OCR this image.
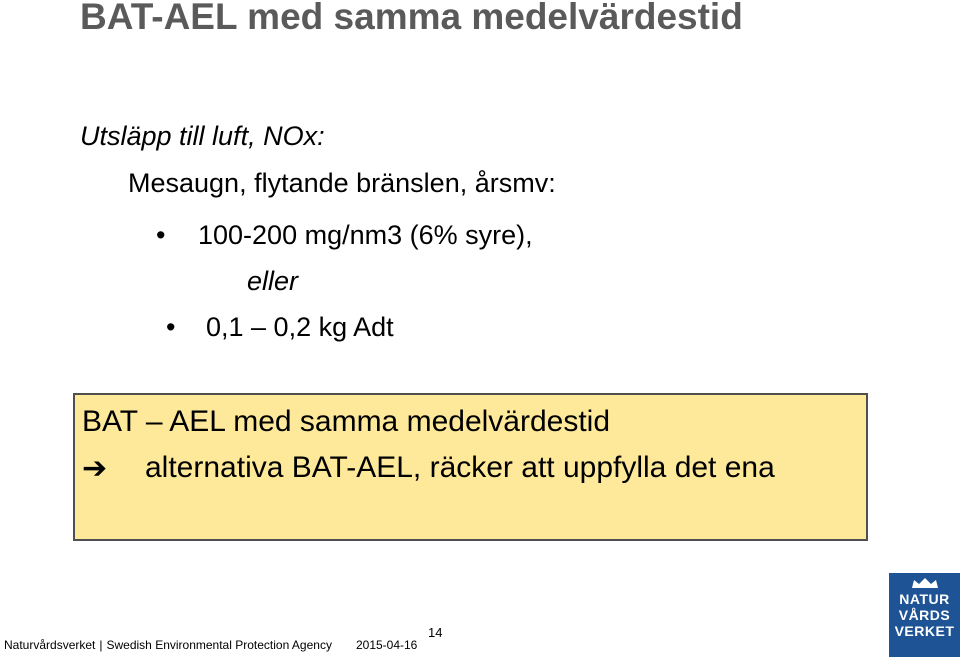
BAT-AEL med samma medelvärdestid
Utsläpp till luft, NOx:
Mesaugn, flytande bränslen, årsmv:
• 100-200 mg/nm3 (6% syre),
eller
• 0,1 – 0,2 kg Adt
BAT – AEL med samma medelvärdestid
➔ alternativa BAT-AEL, räcker att uppfylla det ena
14
Naturvårdsverket | Swedish Environmental Protection Agency 2015-04-16
NATUR
VÅRDS
VERKET
